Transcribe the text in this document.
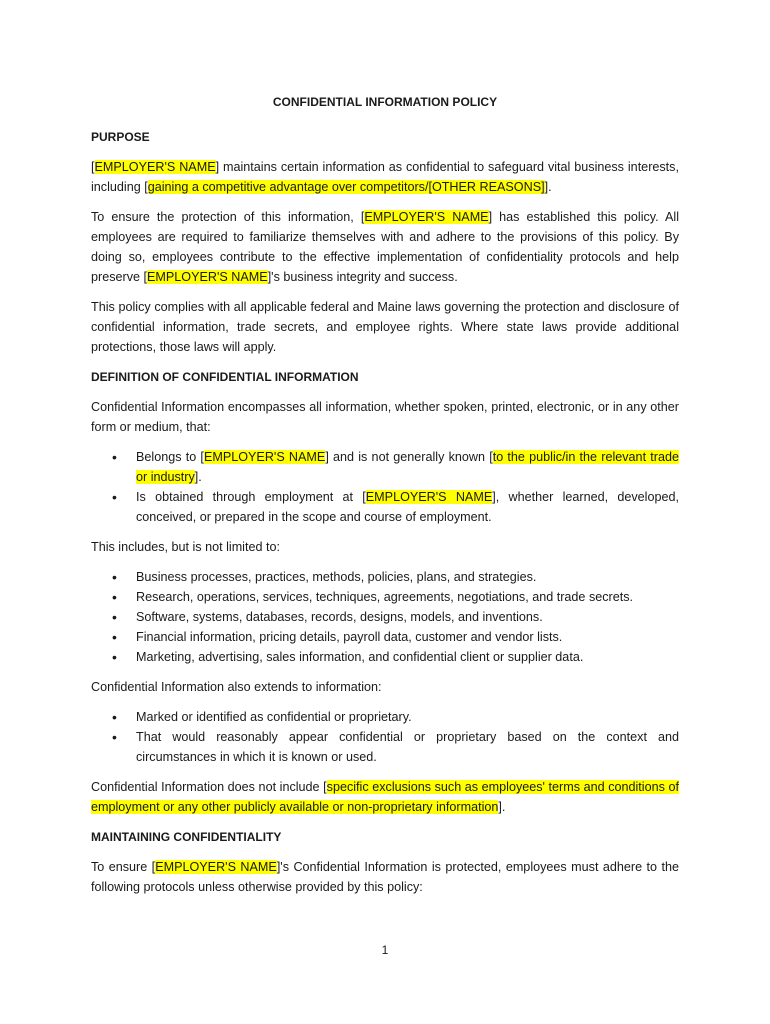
CONFIDENTIAL INFORMATION POLICY
PURPOSE

[EMPLOYER'S NAME] maintains certain information as confidential to safeguard vital business interests, including [gaining a competitive advantage over competitors/[OTHER REASONS]].

To ensure the protection of this information, [EMPLOYER'S NAME] has established this policy. All employees are required to familiarize themselves with and adhere to the provisions of this policy. By doing so, employees contribute to the effective implementation of confidentiality protocols and help preserve [EMPLOYER'S NAME]'s business integrity and success.

This policy complies with all applicable federal and Maine laws governing the protection and disclosure of confidential information, trade secrets, and employee rights. Where state laws provide additional protections, those laws will apply.

DEFINITION OF CONFIDENTIAL INFORMATION

Confidential Information encompasses all information, whether spoken, printed, electronic, or in any other form or medium, that:

• Belongs to [EMPLOYER'S NAME] and is not generally known [to the public/in the relevant trade or industry].
• Is obtained through employment at [EMPLOYER'S NAME], whether learned, developed, conceived, or prepared in the scope and course of employment.

This includes, but is not limited to:

• Business processes, practices, methods, policies, plans, and strategies.
• Research, operations, services, techniques, agreements, negotiations, and trade secrets.
• Software, systems, databases, records, designs, models, and inventions.
• Financial information, pricing details, payroll data, customer and vendor lists.
• Marketing, advertising, sales information, and confidential client or supplier data.

Confidential Information also extends to information:

• Marked or identified as confidential or proprietary.
• That would reasonably appear confidential or proprietary based on the context and circumstances in which it is known or used.

Confidential Information does not include [specific exclusions such as employees' terms and conditions of employment or any other publicly available or non-proprietary information].

MAINTAINING CONFIDENTIALITY

To ensure [EMPLOYER'S NAME]'s Confidential Information is protected, employees must adhere to the following protocols unless otherwise provided by this policy:

1
